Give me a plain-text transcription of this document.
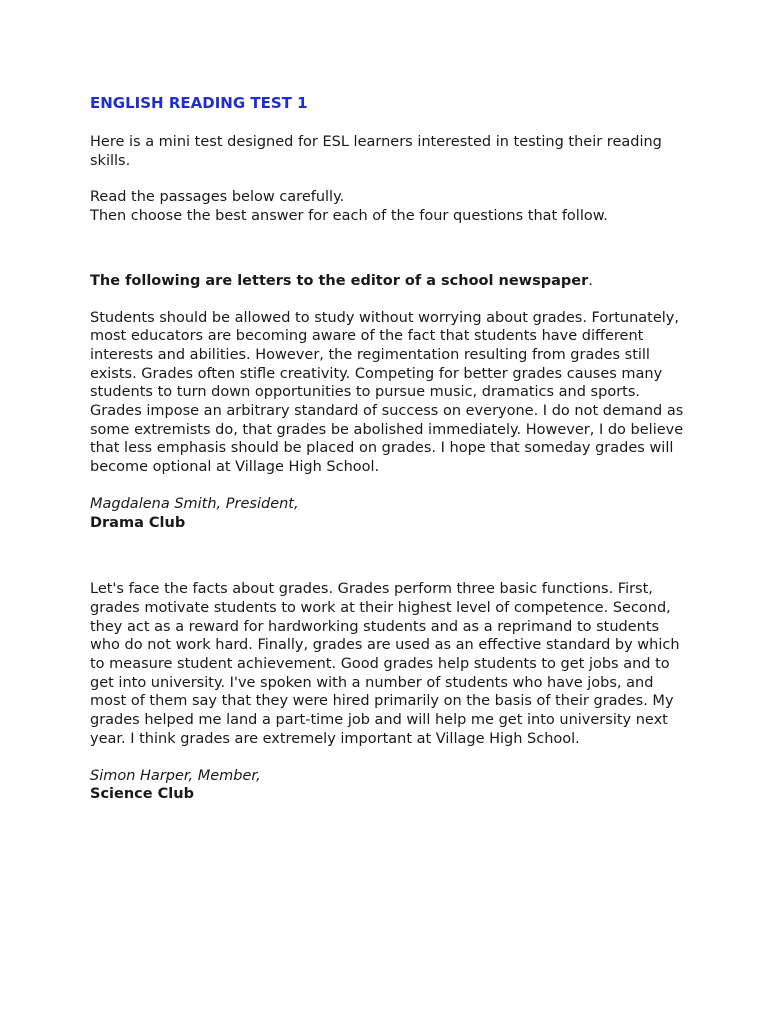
ENGLISH READING TEST 1

Here is a mini test designed for ESL learners interested in testing their reading skills.

Read the passages below carefully.
Then choose the best answer for each of the four questions that follow.
The following are letters to the editor of a school newspaper.

Students should be allowed to study without worrying about grades. Fortunately, most educators are becoming aware of the fact that students have different interests and abilities. However, the regimentation resulting from grades still exists. Grades often stifle creativity. Competing for better grades causes many students to turn down opportunities to pursue music, dramatics and sports. Grades impose an arbitrary standard of success on everyone. I do not demand as some extremists do, that grades be abolished immediately. However, I do believe that less emphasis should be placed on grades. I hope that someday grades will become optional at Village High School.

Magdalena Smith, President,
Drama Club

Let's face the facts about grades. Grades perform three basic functions. First, grades motivate students to work at their highest level of competence. Second, they act as a reward for hardworking students and as a reprimand to students who do not work hard. Finally, grades are used as an effective standard by which to measure student achievement. Good grades help students to get jobs and to get into university. I've spoken with a number of students who have jobs, and most of them say that they were hired primarily on the basis of their grades. My grades helped me land a part-time job and will help me get into university next year. I think grades are extremely important at Village High School.

Simon Harper, Member,
Science Club
